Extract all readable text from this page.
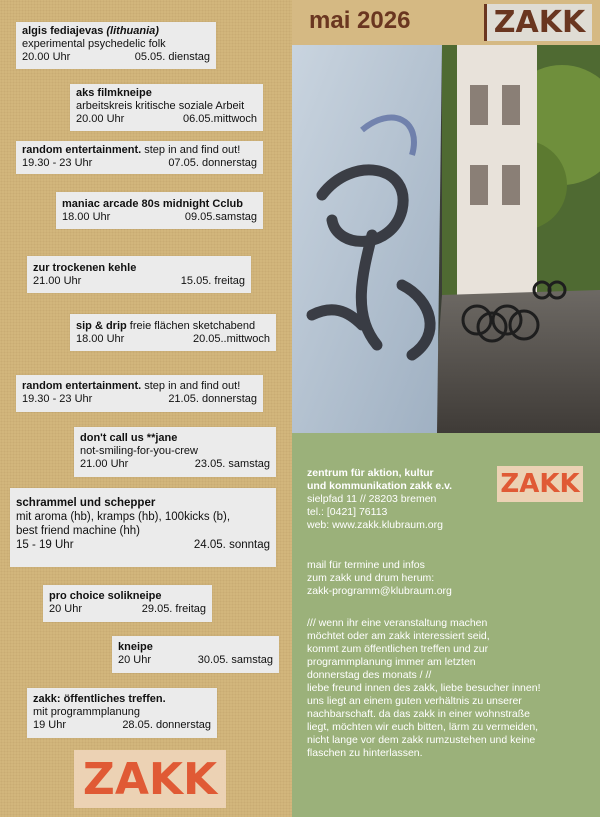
algis fediajevas (lithuania)
experimental psychedelic folk
20.00 Uhr	05.05. dienstag
aks filmkneipe
arbeitskreis kritische soziale Arbeit
20.00 Uhr	06.05.mittwoch
random entertainment. step in and find out!
19.30 - 23 Uhr	07.05. donnerstag
maniac arcade 80s midnight Cclub
18.00 Uhr	09.05.samstag
zur trockenen kehle
21.00 Uhr	15.05. freitag
sip & drip freie flächen sketchabend
18.00 Uhr	20.05..mittwoch
random entertainment. step in and find out!
19.30 - 23 Uhr	21.05. donnerstag
don't call us **jane
not-smiling-for-you-crew
21.00 Uhr	23.05. samstag
schrammel und schepper
mit aroma (hb), kramps (hb), 100kicks (b),
best friend machine (hh)
15 - 19 Uhr	24.05. sonntag
pro choice solikneipe
20 Uhr	29.05. freitag
kneipe
20 Uhr	30.05. samstag
zakk: öffentliches treffen.
mit programmplanung
19 Uhr	28.05. donnerstag
ZAKK
mai 2026	ZAKK
zentrum für aktion, kultur
und kommunikation zakk e.v.
sielpfad 11 // 28203 bremen
tel.: [0421] 76113
web: www.zakk.klubraum.org
ZAKK
mail für termine und infos
zum zakk und drum herum:
zakk-programm@klubraum.org
/// wenn ihr eine veranstaltung machen
möchtet oder am zakk interessiert seid,
kommt zum öffentlichen treffen und zur
programmplanung immer am letzten
donnerstag des monats / //
liebe freund innen des zakk, liebe besucher innen!
uns liegt an einem guten verhältnis zu unserer
nachbarschaft. da das zakk in einer wohnstraße
liegt, möchten wir euch bitten, lärm zu vermeiden,
nicht lange vor dem zakk rumzustehen und keine
flaschen zu hinterlassen.
